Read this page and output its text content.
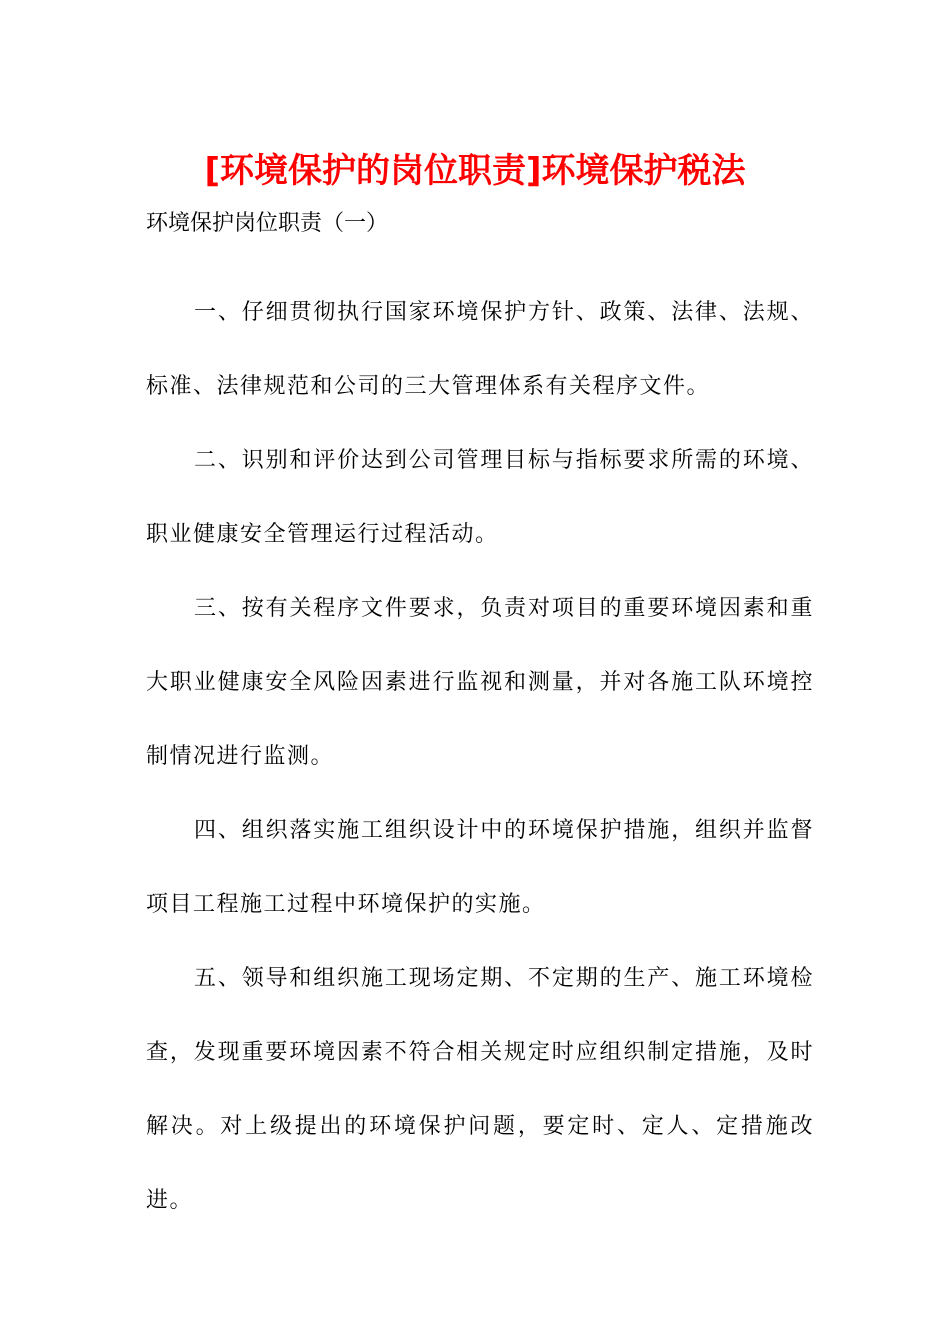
[环境保护的岗位职责]环境保护税法
环境保护岗位职责（一）

一、仔细贯彻执行国家环境保护方针、政策、法律、法规、标准、法律规范和公司的三大管理体系有关程序文件。

二、识别和评价达到公司管理目标与指标要求所需的环境、职业健康安全管理运行过程活动。

三、按有关程序文件要求，负责对项目的重要环境因素和重大职业健康安全风险因素进行监视和测量，并对各施工队环境控制情况进行监测。

四、组织落实施工组织设计中的环境保护措施，组织并监督项目工程施工过程中环境保护的实施。

五、领导和组织施工现场定期、不定期的生产、施工环境检查，发现重要环境因素不符合相关规定时应组织制定措施，及时解决。对上级提出的环境保护问题，要定时、定人、定措施改进。
